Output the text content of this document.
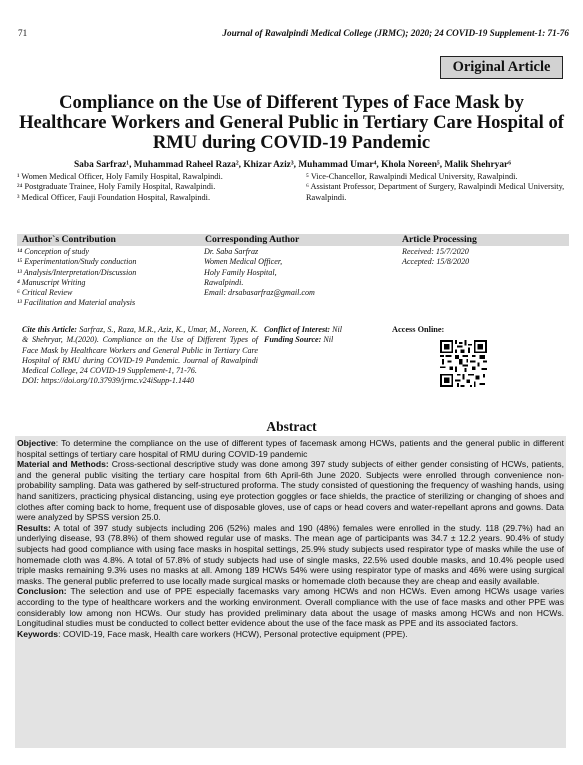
71	Journal of Rawalpindi Medical College (JRMC); 2020; 24 COVID-19 Supplement-1: 71-76
Original Article
Compliance on the Use of Different Types of Face Mask by Healthcare Workers and General Public in Tertiary Care Hospital of RMU during COVID-19 Pandemic
Saba Sarfraz¹, Muhammad Raheel Raza², Khizar Aziz³, Muhammad Umar⁴, Khola Noreen⁵, Malik Shehryar⁶
¹ Women Medical Officer, Holy Family Hospital, Rawalpindi.
²⁴ Postgraduate Trainee, Holy Family Hospital, Rawalpindi.
³ Medical Officer, Fauji Foundation Hospital, Rawalpindi.
⁵ Vice-Chancellor, Rawalpindi Medical University, Rawalpindi.
⁶ Assistant Professor, Department of Surgery, Rawalpindi Medical University, Rawalpindi.
Author`s Contribution	Corresponding Author	Article Processing
¹⁴ Conception of study
¹⁵ Experimentation/Study conduction
¹³ Analysis/Interpretation/Discussion
⁴ Manuscript Writing
⁶ Critical Review
¹³ Facilitation and Material analysis
Dr. Saba Sarfraz
Women Medical Officer,
Holy Family Hospital,
Rawalpindi.
Email: drsabasarfraz@gmail.com
Received: 15/7/2020
Accepted: 15/8/2020
Cite this Article: Sarfraz, S., Raza, M.R., Aziz, K., Umar, M., Noreen, K. & Shehryar, M.(2020). Compliance on the Use of Different Types of Face Mask by Healthcare Workers and General Public in Tertiary Care Hospital of RMU during COVID-19 Pandemic. Journal of Rawalpindi Medical College, 24 COVID-19 Supplement-1, 71-76.
DOI: https://doi.org/10.37939/jrmc.v24iSupp-1.1440
Conflict of Interest: Nil
Funding Source: Nil
Access Online:
Abstract

Objective: To determine the compliance on the use of different types of facemask among HCWs, patients and the general public in different hospital settings of tertiary care hospital of RMU during COVID-19 pandemic

Material and Methods: Cross-sectional descriptive study was done among 397 study subjects of either gender consisting of HCWs, patients, and the general public visiting the tertiary care hospital from 6th April-6th June 2020. Subjects were enrolled through convenience non-probability sampling. Data was gathered by self-structured proforma. The study consisted of questioning the frequency of washing hands, using hand sanitizers, practicing physical distancing, using eye protection goggles or face shields, the practice of sterilizing or changing of shoes and clothes after coming back to home, frequent use of disposable gloves, use of caps or head covers and water-repellant aprons and gowns. Data were analyzed by SPSS version 25.0.

Results: A total of 397 study subjects including 206 (52%) males and 190 (48%) females were enrolled in the study. 118 (29.7%) had an underlying disease, 93 (78.8%) of them showed regular use of masks. The mean age of participants was 34.7 ± 12.2 years. 90.4% of study subjects had good compliance with using face masks in hospital settings, 25.9% study subjects used respirator type of masks while the use of homemade cloth was 4.8%. A total of 57.8% of study subjects had use of single masks, 22.5% used double masks, and 10.4% people used triple masks remaining 9.3% uses no masks at all. Among 189 HCWs 54% were using respirator type of masks and 46% were using surgical masks. The general public preferred to use locally made surgical masks or homemade cloth because they are cheap and easily available.

Conclusion: The selection and use of PPE especially facemasks vary among HCWs and non HCWs. Even among HCWs usage varies according to the type of healthcare workers and the working environment. Overall compliance with the use of face masks and other PPE was considerably low among non HCWs. Our study has provided preliminary data about the usage of masks among HCWs and non HCWs. Longitudinal studies must be conducted to collect better evidence about the use of the face mask as PPE and its associated factors.

Keywords: COVID-19, Face mask, Health care workers (HCW), Personal protective equipment (PPE).
